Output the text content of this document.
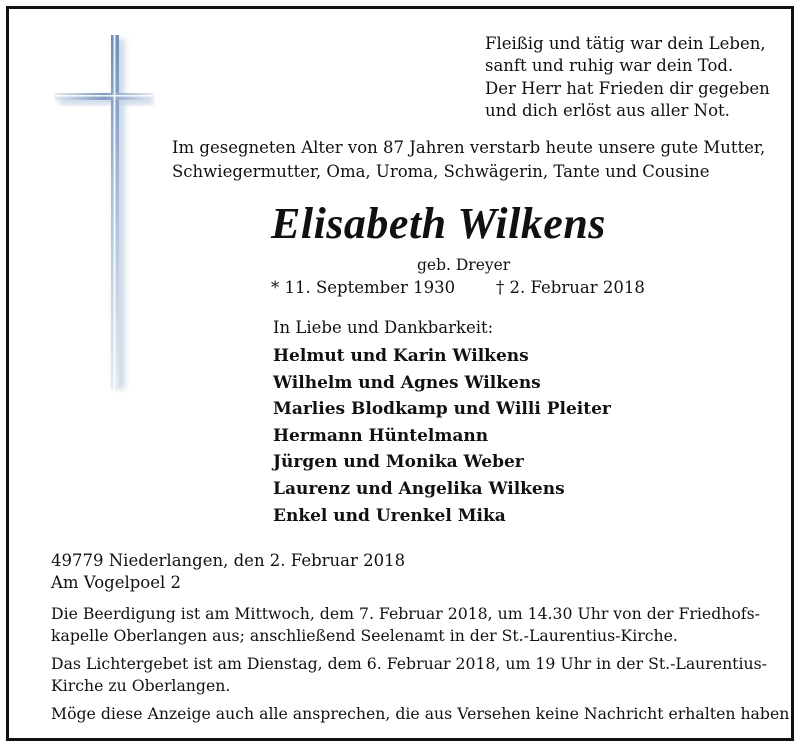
Fleißig und tätig war dein Leben,
sanft und ruhig war dein Tod.
Der Herr hat Frieden dir gegeben
und dich erlöst aus aller Not.
Im gesegneten Alter von 87 Jahren verstarb heute unsere gute Mutter,
Schwiegermutter, Oma, Uroma, Schwägerin, Tante und Cousine
Elisabeth Wilkens
geb. Dreyer
* 11. September 1930 † 2. Februar 2018
In Liebe und Dankbarkeit:
Helmut und Karin Wilkens
Wilhelm und Agnes Wilkens
Marlies Blodkamp und Willi Pleiter
Hermann Hüntelmann
Jürgen und Monika Weber
Laurenz und Angelika Wilkens
Enkel und Urenkel Mika
49779 Niederlangen, den 2. Februar 2018
Am Vogelpoel 2

Die Beerdigung ist am Mittwoch, dem 7. Februar 2018, um 14.30 Uhr von der Friedhofs-
kapelle Oberlangen aus; anschließend Seelenamt in der St.-Laurentius-Kirche.

Das Lichtergebet ist am Dienstag, dem 6. Februar 2018, um 19 Uhr in der St.-Laurentius-
Kirche zu Oberlangen.

Möge diese Anzeige auch alle ansprechen, die aus Versehen keine Nachricht erhalten haben.
